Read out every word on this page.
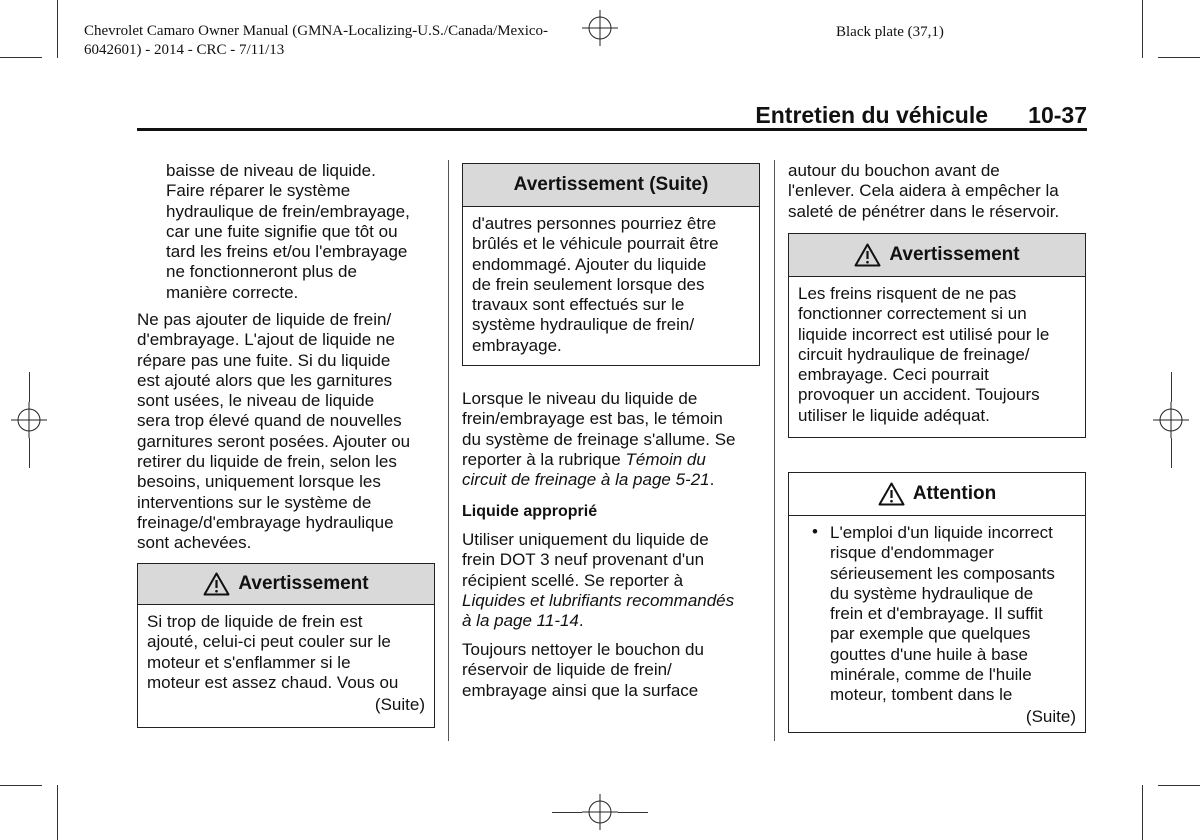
Chevrolet Camaro Owner Manual (GMNA-Localizing-U.S./Canada/Mexico-
6042601) - 2014 - CRC - 7/11/13
Black plate (37,1)
Entretien du véhicule 10-37
baisse de niveau de liquide.
Faire réparer le système
hydraulique de frein/embrayage,
car une fuite signifie que tôt ou
tard les freins et/ou l'embrayage
ne fonctionneront plus de
manière correcte.
Ne pas ajouter de liquide de frein/
d'embrayage. L'ajout de liquide ne
répare pas une fuite. Si du liquide
est ajouté alors que les garnitures
sont usées, le niveau de liquide
sera trop élevé quand de nouvelles
garnitures seront posées. Ajouter ou
retirer du liquide de frein, selon les
besoins, uniquement lorsque les
interventions sur le système de
freinage/d'embrayage hydraulique
sont achevées.
Avertissement
Si trop de liquide de frein est
ajouté, celui-ci peut couler sur le
moteur et s'enflammer si le
moteur est assez chaud. Vous ou
(Suite)
Avertissement (Suite)
d'autres personnes pourriez être
brûlés et le véhicule pourrait être
endommagé. Ajouter du liquide
de frein seulement lorsque des
travaux sont effectués sur le
système hydraulique de frein/
embrayage.
Lorsque le niveau du liquide de
frein/embrayage est bas, le témoin
du système de freinage s'allume. Se
reporter à la rubrique Témoin du
circuit de freinage à la page 5-21.
Liquide approprié
Utiliser uniquement du liquide de
frein DOT 3 neuf provenant d'un
récipient scellé. Se reporter à
Liquides et lubrifiants recommandés
à la page 11-14.
Toujours nettoyer le bouchon du
réservoir de liquide de frein/
embrayage ainsi que la surface
autour du bouchon avant de
l'enlever. Cela aidera à empêcher la
saleté de pénétrer dans le réservoir.
Avertissement
Les freins risquent de ne pas
fonctionner correctement si un
liquide incorrect est utilisé pour le
circuit hydraulique de freinage/
embrayage. Ceci pourrait
provoquer un accident. Toujours
utiliser le liquide adéquat.
Attention
• L'emploi d'un liquide incorrect
risque d'endommager
sérieusement les composants
du système hydraulique de
frein et d'embrayage. Il suffit
par exemple que quelques
gouttes d'une huile à base
minérale, comme de l'huile
moteur, tombent dans le
(Suite)
